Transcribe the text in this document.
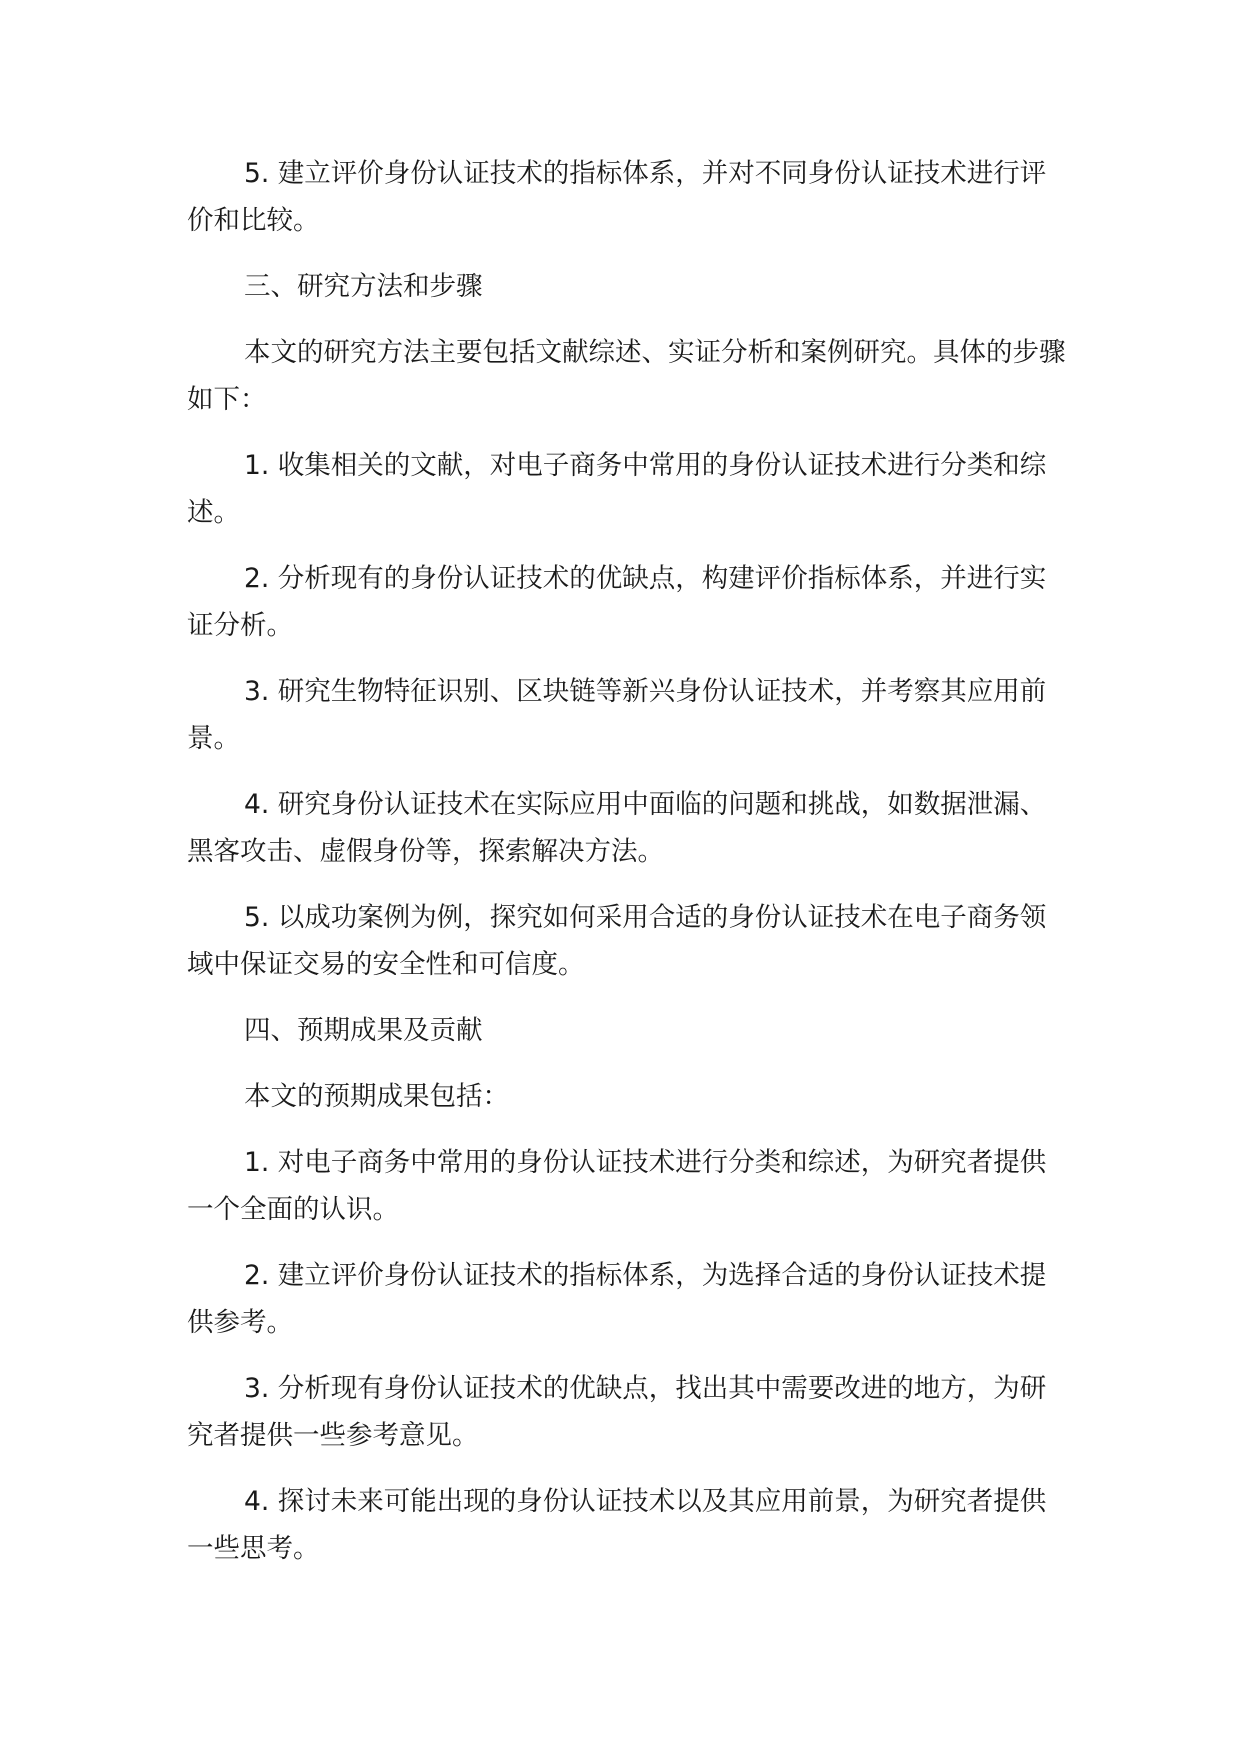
5. 建立评价身份认证技术的指标体系，并对不同身份认证技术进行评价和比较。

三、研究方法和步骤

本文的研究方法主要包括文献综述、实证分析和案例研究。具体的步骤如下：

1. 收集相关的文献，对电子商务中常用的身份认证技术进行分类和综述。

2. 分析现有的身份认证技术的优缺点，构建评价指标体系，并进行实证分析。

3. 研究生物特征识别、区块链等新兴身份认证技术，并考察其应用前景。

4. 研究身份认证技术在实际应用中面临的问题和挑战，如数据泄漏、黑客攻击、虚假身份等，探索解决方法。

5. 以成功案例为例，探究如何采用合适的身份认证技术在电子商务领域中保证交易的安全性和可信度。

四、预期成果及贡献

本文的预期成果包括：

1. 对电子商务中常用的身份认证技术进行分类和综述，为研究者提供一个全面的认识。

2. 建立评价身份认证技术的指标体系，为选择合适的身份认证技术提供参考。

3. 分析现有身份认证技术的优缺点，找出其中需要改进的地方，为研究者提供一些参考意见。

4. 探讨未来可能出现的身份认证技术以及其应用前景，为研究者提供一些思考。
